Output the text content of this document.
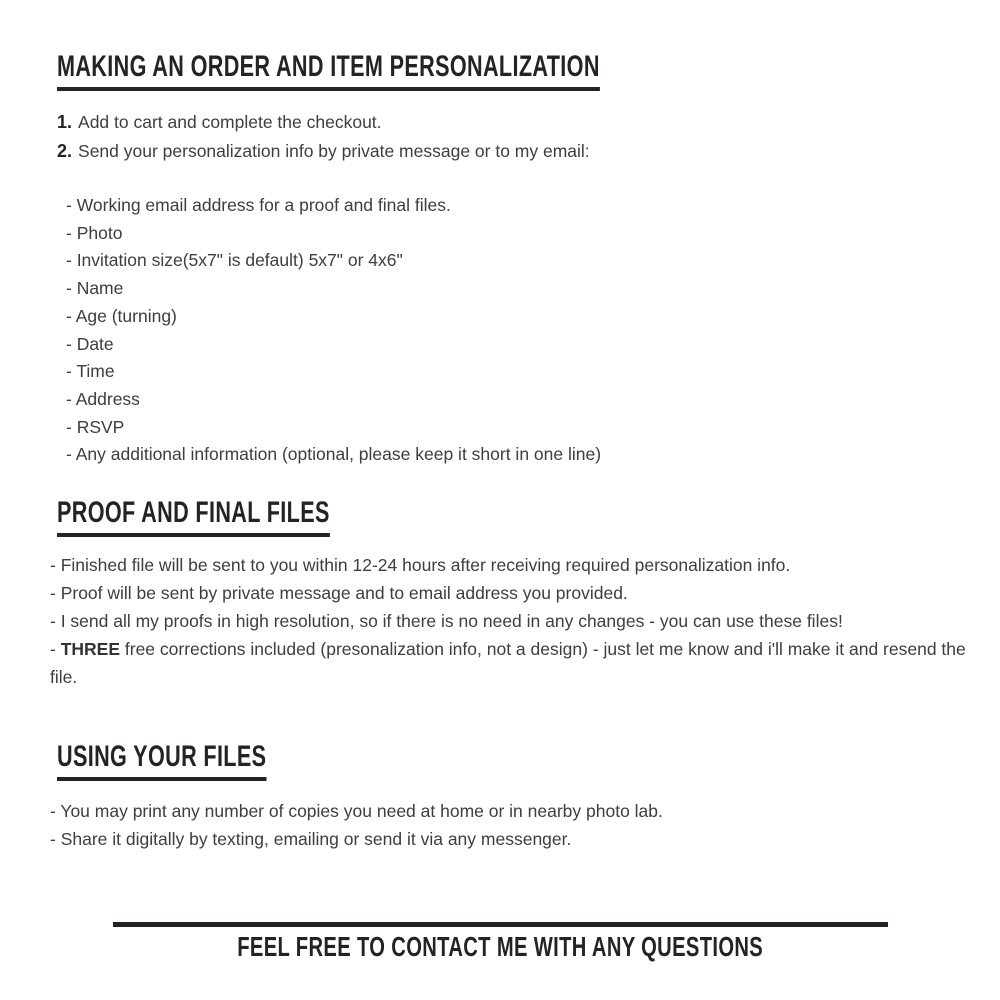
MAKING AN ORDER AND ITEM PERSONALIZATION
1. Add to cart and complete the checkout.
2. Send your personalization info by private message or to my email:
- Working email address for a proof and final files.
- Photo
- Invitation size(5x7" is default) 5x7" or 4x6"
- Name
- Age (turning)
- Date
- Time
- Address
- RSVP
- Any additional information (optional, please keep it short in one line)
PROOF AND FINAL FILES
- Finished file will be sent to you within 12-24 hours after receiving required personalization info.
- Proof will be sent by private message and to email address you provided.
- I send all my proofs in high resolution, so if there is no need in any changes - you can use these files!

- THREE free corrections included (presonalization info, not a design) - just let me know and i'll make it and resend the file.

USING YOUR FILES
- You may print any number of copies you need at home or in nearby photo lab.
- Share it digitally by texting, emailing or send it via any messenger.
FEEL FREE TO CONTACT ME WITH ANY QUESTIONS
